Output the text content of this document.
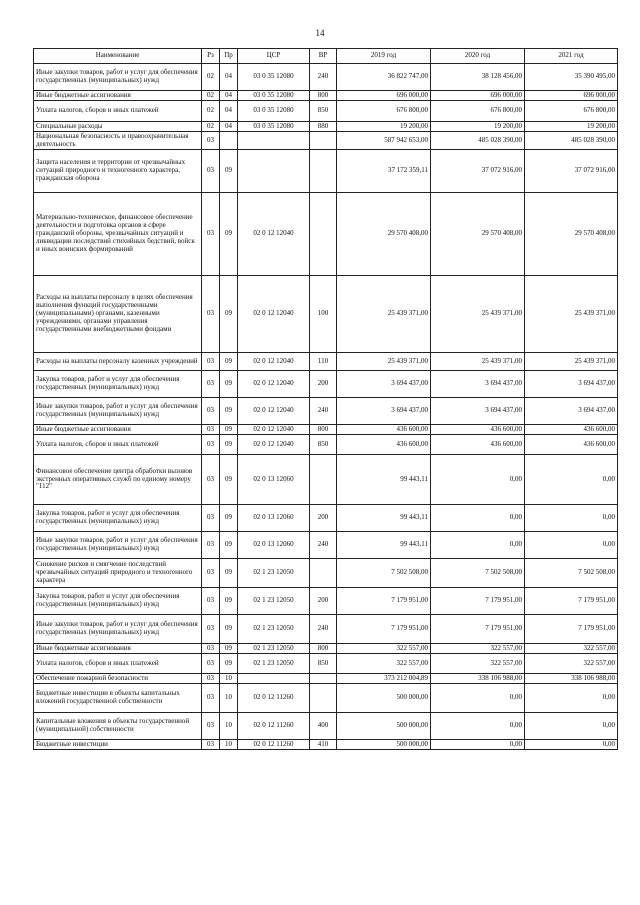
14
Наименование	Рз	Пр	ЦСР	ВР	2019 год	2020 год	2021 год
Иные закупки товаров, работ и услуг для обеспечения государственных (муниципальных) нужд	02	04	03 0 35 12080	240	36 822 747,00	38 128 456,00	35 390 495,00
Иные бюджетные ассигнования	02	04	03 0 35 12080	800	696 000,00	696 000,00	696 000,00
Уплата налогов, сборов и иных платежей	02	04	03 0 35 12080	850	676 800,00	676 800,00	676 800,00
Специальные расходы	02	04	03 0 35 12080	880	19 200,00	19 200,00	19 200,00
Национальная безопасность и правоохранительная деятельность	03				587 942 653,00	485 028 390,00	485 028 390,00
Защита населения и территории от чрезвычайных ситуаций природного и техногенного характера, гражданская оборона	03	09			37 172 359,11	37 072 916,00	37 072 916,00
Материально-техническое, финансовое обеспечение деятельности и подготовка органов в сфере гражданской обороны, чрезвычайных ситуаций и ликвидации последствий стихийных бедствий, войск и иных воинских формирований	03	09	02 0 12 12040		29 570 408,00	29 570 408,00	29 570 408,00
Расходы на выплаты персоналу в целях обеспечения выполнения функций государственными (муниципальными) органами, казенными учреждениями, органами управления государственными внебюджетными фондами	03	09	02 0 12 12040	100	25 439 371,00	25 439 371,00	25 439 371,00
Расходы на выплаты персоналу казенных учреждений	03	09	02 0 12 12040	110	25 439 371,00	25 439 371,00	25 439 371,00
Закупка товаров, работ и услуг для обеспечения государственных (муниципальных) нужд	03	09	02 0 12 12040	200	3 694 437,00	3 694 437,00	3 694 437,00
Иные закупки товаров, работ и услуг для обеспечения государственных (муниципальных) нужд	03	09	02 0 12 12040	240	3 694 437,00	3 694 437,00	3 694 437,00
Иные бюджетные ассигнования	03	09	02 0 12 12040	800	436 600,00	436 600,00	436 600,00
Уплата налогов, сборов и иных платежей	03	09	02 0 12 12040	850	436 600,00	436 600,00	436 600,00
Финансовое обеспечение центра обработки вызовов экстренных оперативных служб по единому номеру "112"	03	09	02 0 13 12060		99 443,11	0,00	0,00
Закупка товаров, работ и услуг для обеспечения государственных (муниципальных) нужд	03	09	02 0 13 12060	200	99 443,11	0,00	0,00
Иные закупки товаров, работ и услуг для обеспечения государственных (муниципальных) нужд	03	09	02 0 13 12060	240	99 443,11	0,00	0,00
Снижение рисков и смягчение последствий чрезвычайных ситуаций природного и техногенного характера	03	09	02 1 23 12050		7 502 508,00	7 502 508,00	7 502 508,00
Закупка товаров, работ и услуг для обеспечения государственных (муниципальных) нужд	03	09	02 1 23 12050	200	7 179 951,00	7 179 951,00	7 179 951,00
Иные закупки товаров, работ и услуг для обеспечения государственных (муниципальных) нужд	03	09	02 1 23 12050	240	7 179 951,00	7 179 951,00	7 179 951,00
Иные бюджетные ассигнования	03	09	02 1 23 12050	800	322 557,00	322 557,00	322 557,00
Уплата налогов, сборов и иных платежей	03	09	02 1 23 12050	850	322 557,00	322 557,00	322 557,00
Обеспечение пожарной безопасности	03	10			373 212 004,89	338 106 988,00	338 106 988,00
Бюджетные инвестиции в объекты капитальных вложений государственной собственности	03	10	02 0 12 11260		500 000,00	0,00	0,00
Капитальные вложения в объекты государственной (муниципальной) собственности	03	10	02 0 12 11260	400	500 000,00	0,00	0,00
Бюджетные инвестиции	03	10	02 0 12 11260	410	500 000,00	0,00	0,00
